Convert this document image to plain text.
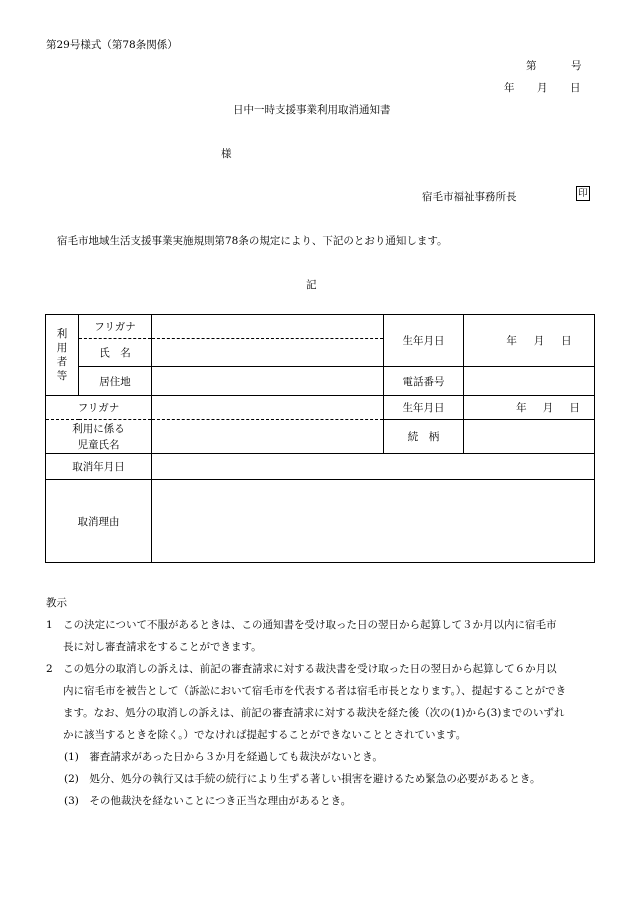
第29号様式（第78条関係）
第	号
年 月 日
日中一時支援事業利用取消通知書
様
宿毛市福祉事務所長	印
宿毛市地域生活支援事業実施規則第78条の規定により、下記のとおり通知します。
記
利用者等	フリガナ		生年月日	年 月 日

	氏　名			
	居住地		電話番号	
フリガナ			生年月日	年 月 日

利用に係る
児童氏名			続　柄	
取消年月日				
取消理由				
教示
1　この決定について不服があるときは、この通知書を受け取った日の翌日から起算して３か月以内に宿毛市
長に対し審査請求をすることができます。
2　この処分の取消しの訴えは、前記の審査請求に対する裁決書を受け取った日の翌日から起算して６か月以
内に宿毛市を被告として（訴訟において宿毛市を代表する者は宿毛市長となります。）、提起することができ
ます。なお、処分の取消しの訴えは、前記の審査請求に対する裁決を経た後（次の(1)から(3)までのいずれ
かに該当するときを除く。）でなければ提起することができないこととされています。
(1)　審査請求があった日から３か月を経過しても裁決がないとき。
(2)　処分、処分の執行又は手続の続行により生ずる著しい損害を避けるため緊急の必要があるとき。
(3)　その他裁決を経ないことにつき正当な理由があるとき。
